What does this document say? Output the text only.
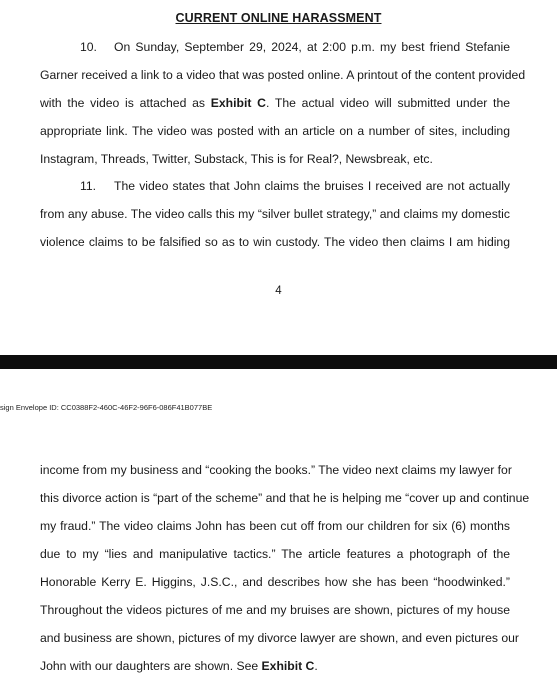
CURRENT ONLINE HARASSMENT
10. On Sunday, September 29, 2024, at 2:00 p.m. my best friend Stefanie
Garner received a link to a video that was posted online. A printout of the content provided
with the video is attached as Exhibit C. The actual video will submitted under the
appropriate link. The video was posted with an article on a number of sites, including
Instagram, Threads, Twitter, Substack, This is for Real?, Newsbreak, etc.
11. The video states that John claims the bruises I received are not actually
from any abuse. The video calls this my “silver bullet strategy,” and claims my domestic
violence claims to be falsified so as to win custody. The video then claims I am hiding
4
sign Envelope ID: CC0388F2-460C-46F2-96F6-086F41B077BE
income from my business and “cooking the books.” The video next claims my lawyer for
this divorce action is “part of the scheme” and that he is helping me “cover up and continue
my fraud.” The video claims John has been cut off from our children for six (6) months
due to my “lies and manipulative tactics.” The article features a photograph of the
Honorable Kerry E. Higgins, J.S.C., and describes how she has been “hoodwinked.”
Throughout the videos pictures of me and my bruises are shown, pictures of my house
and business are shown, pictures of my divorce lawyer are shown, and even pictures our
John with our daughters are shown. See Exhibit C.
